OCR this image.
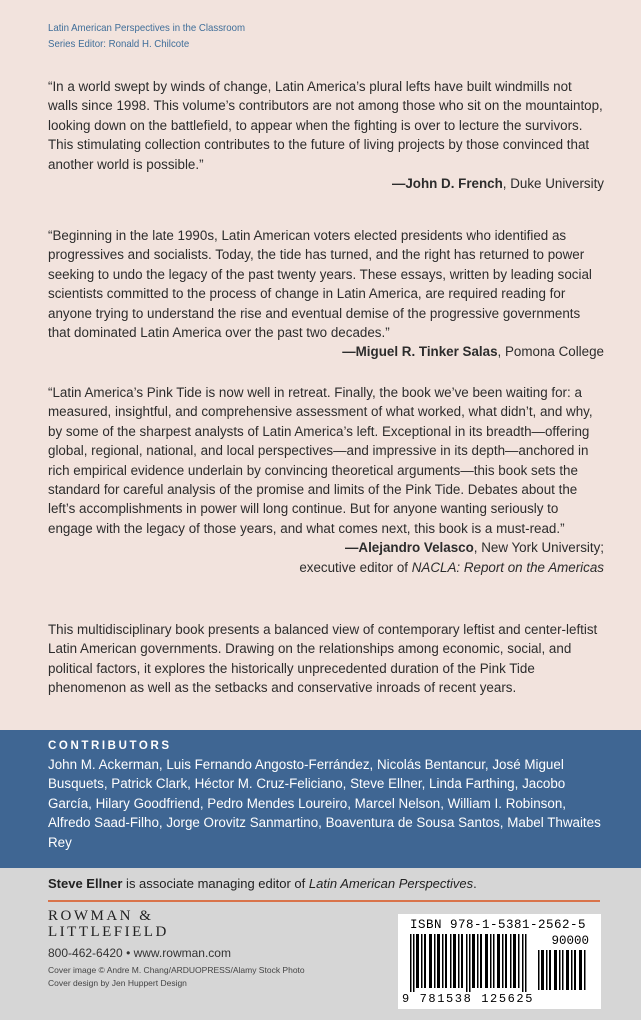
Latin American Perspectives in the Classroom
Series Editor: Ronald H. Chilcote

“In a world swept by winds of change, Latin America’s plural lefts have built windmills not walls since 1998. This volume’s contributors are not among those who sit on the mountaintop, looking down on the battlefield, to appear when the fighting is over to lecture the survivors. This stimulating collection contributes to the future of living projects by those convinced that another world is possible.”

—John D. French, Duke University

“Beginning in the late 1990s, Latin American voters elected presidents who identified as progressives and socialists. Today, the tide has turned, and the right has returned to power seeking to undo the legacy of the past twenty years. These essays, written by leading social scientists committed to the process of change in Latin America, are required reading for anyone trying to understand the rise and eventual demise of the progressive governments that dominated Latin America over the past two decades.”
—Miguel R. Tinker Salas, Pomona College

“Latin America’s Pink Tide is now well in retreat. Finally, the book we’ve been waiting for: a measured, insightful, and comprehensive assessment of what worked, what didn’t, and why, by some of the sharpest analysts of Latin America’s left. Exceptional in its breadth—offering global, regional, national, and local perspectives—and impressive in its depth—anchored in rich empirical evidence underlain by convincing theoretical arguments—this book sets the standard for careful analysis of the promise and limits of the Pink Tide. Debates about the left’s accomplishments in power will long continue. But for anyone wanting seriously to engage with the legacy of those years, and what comes next, this book is a must-read.”

—Alejandro Velasco, New York University;
executive editor of NACLA: Report on the Americas

This multidisciplinary book presents a balanced view of contemporary leftist and center-leftist Latin American governments. Drawing on the relationships among economic, social, and political factors, it explores the historically unprecedented duration of the Pink Tide phenomenon as well as the setbacks and conservative inroads of recent years.

CONTRIBUTORS
John M. Ackerman, Luis Fernando Angosto-Ferrández, Nicolás Bentancur, José Miguel Busquets, Patrick Clark, Héctor M. Cruz-Feliciano, Steve Ellner, Linda Farthing, Jacobo García, Hilary Goodfriend, Pedro Mendes Loureiro, Marcel Nelson, William I. Robinson, Alfredo Saad-Filho, Jorge Orovitz Sanmartino, Boaventura de Sousa Santos, Mabel Thwaites Rey
Steve Ellner is associate managing editor of Latin American Perspectives.
ROWMAN &
LITTLEFIELD
800-462-6420 • www.rowman.com
Cover image © Andre M. Chang/ARDUOPRESS/Alamy Stock Photo
Cover design by Jen Huppert Design
ISBN 978-1-5381-2562-5
90000
9 781538 125625
